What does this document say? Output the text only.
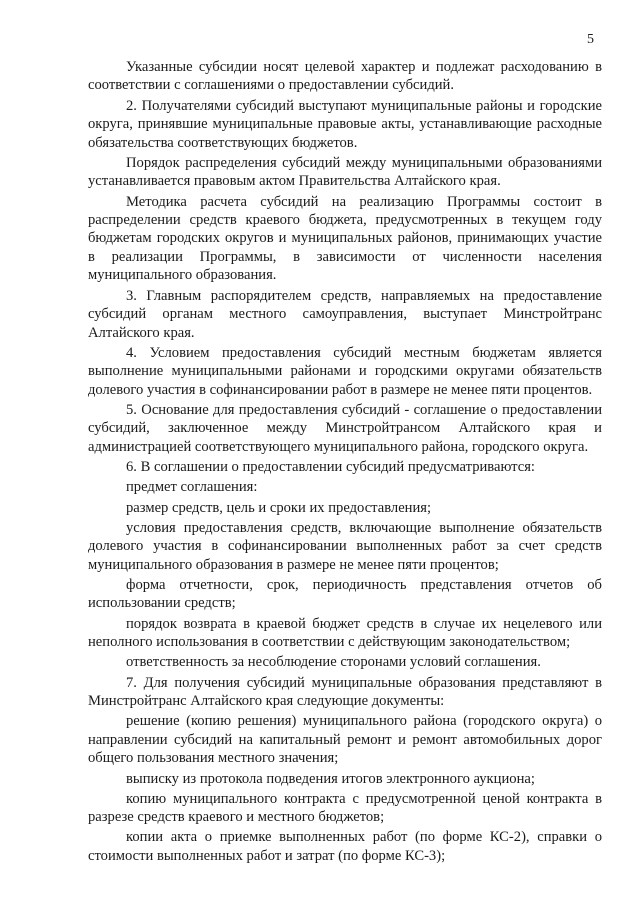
5

Указанные субсидии носят целевой характер и подлежат расходованию в соответствии с соглашениями о предоставлении субсидий.

2. Получателями субсидий выступают муниципальные районы и городские округа, принявшие муниципальные правовые акты, устанавливающие расходные обязательства соответствующих бюджетов.

Порядок распределения субсидий между муниципальными образованиями устанавливается правовым актом Правительства Алтайского края.

Методика расчета субсидий на реализацию Программы состоит в распределении средств краевого бюджета, предусмотренных в текущем году бюджетам городских округов и муниципальных районов, принимающих участие в реализации Программы, в зависимости от численности населения муниципального образования.

3. Главным распорядителем средств, направляемых на предоставление субсидий органам местного самоуправления, выступает Минстройтранс Алтайского края.

4. Условием предоставления субсидий местным бюджетам является выполнение муниципальными районами и городскими округами обязательств долевого участия в софинансировании работ в размере не менее пяти процентов.

5. Основание для предоставления субсидий - соглашение о предоставлении субсидий, заключенное между Минстройтрансом Алтайского края и администрацией соответствующего муниципального района, городского округа.

6. В соглашении о предоставлении субсидий предусматриваются:

предмет соглашения:

размер средств, цель и сроки их предоставления;

условия предоставления средств, включающие выполнение обязательств долевого участия в софинансировании выполненных работ за счет средств муниципального образования в размере не менее пяти процентов;

форма отчетности, срок, периодичность представления отчетов об использовании средств;

порядок возврата в краевой бюджет средств в случае их нецелевого или неполного использования в соответствии с действующим законодательством;

ответственность за несоблюдение сторонами условий соглашения.

7. Для получения субсидий муниципальные образования представляют в Минстройтранс Алтайского края следующие документы:

решение (копию решения) муниципального района (городского округа) о направлении субсидий на капитальный ремонт и ремонт автомобильных дорог общего пользования местного значения;

выписку из протокола подведения итогов электронного аукциона;

копию муниципального контракта с предусмотренной ценой контракта в разрезе средств краевого и местного бюджетов;

копии акта о приемке выполненных работ (по форме КС-2), справки о стоимости выполненных работ и затрат (по форме КС-3);
